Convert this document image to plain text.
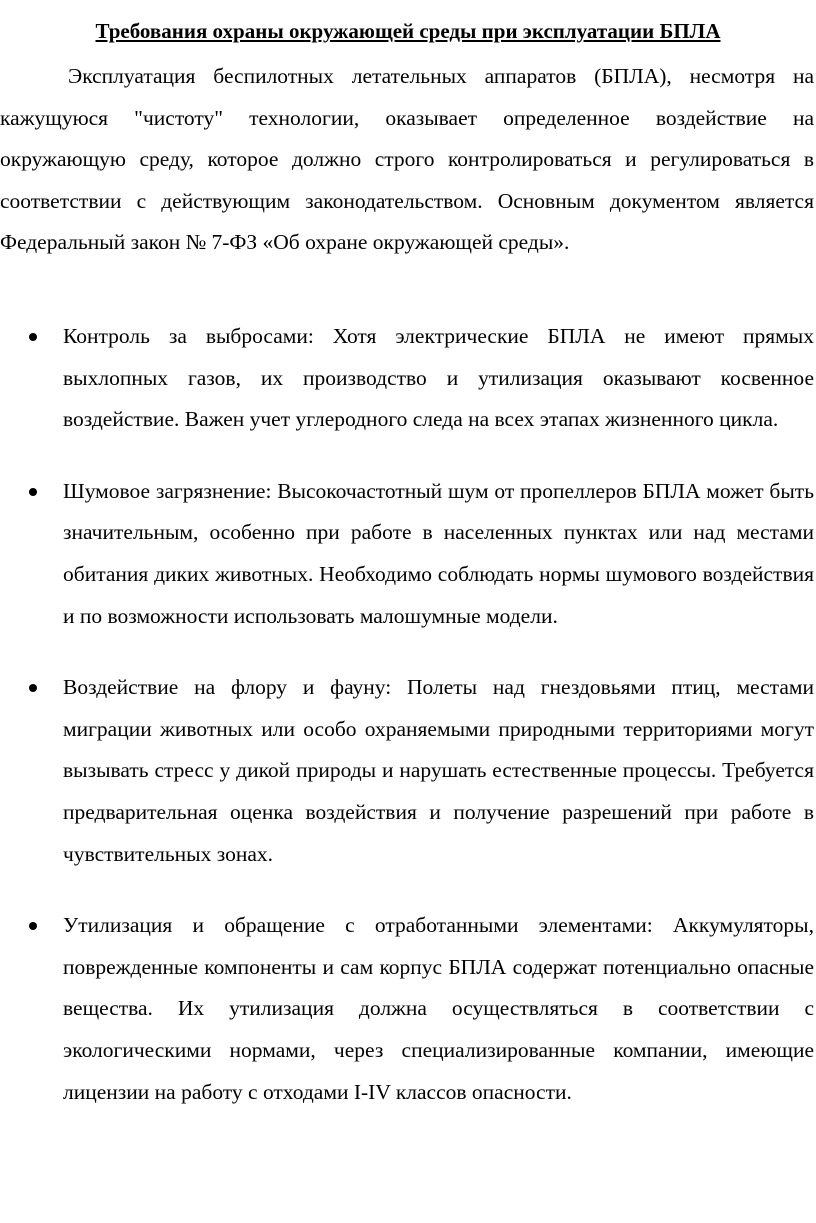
Требования охраны окружающей среды при эксплуатации БПЛА

Эксплуатация беспилотных летательных аппаратов (БПЛА), несмотря на кажущуюся "чистоту" технологии, оказывает определенное воздействие на окружающую среду, которое должно строго контролироваться и регулироваться в соответствии с действующим законодательством. Основным документом является Федеральный закон № 7-ФЗ «Об охране окружающей среды».

Контроль за выбросами: Хотя электрические БПЛА не имеют прямых выхлопных газов, их производство и утилизация оказывают косвенное воздействие. Важен учет углеродного следа на всех этапах жизненного цикла.
Шумовое загрязнение: Высокочастотный шум от пропеллеров БПЛА может быть значительным, особенно при работе в населенных пунктах или над местами обитания диких животных. Необходимо соблюдать нормы шумового воздействия и по возможности использовать малошумные модели.
Воздействие на флору и фауну: Полеты над гнездовьями птиц, местами миграции животных или особо охраняемыми природными территориями могут вызывать стресс у дикой природы и нарушать естественные процессы. Требуется предварительная оценка воздействия и получение разрешений при работе в чувствительных зонах.
Утилизация и обращение с отработанными элементами: Аккумуляторы, поврежденные компоненты и сам корпус БПЛА содержат потенциально опасные вещества. Их утилизация должна осуществляться в соответствии с экологическими нормами, через специализированные компании, имеющие лицензии на работу с отходами I-IV классов опасности.
